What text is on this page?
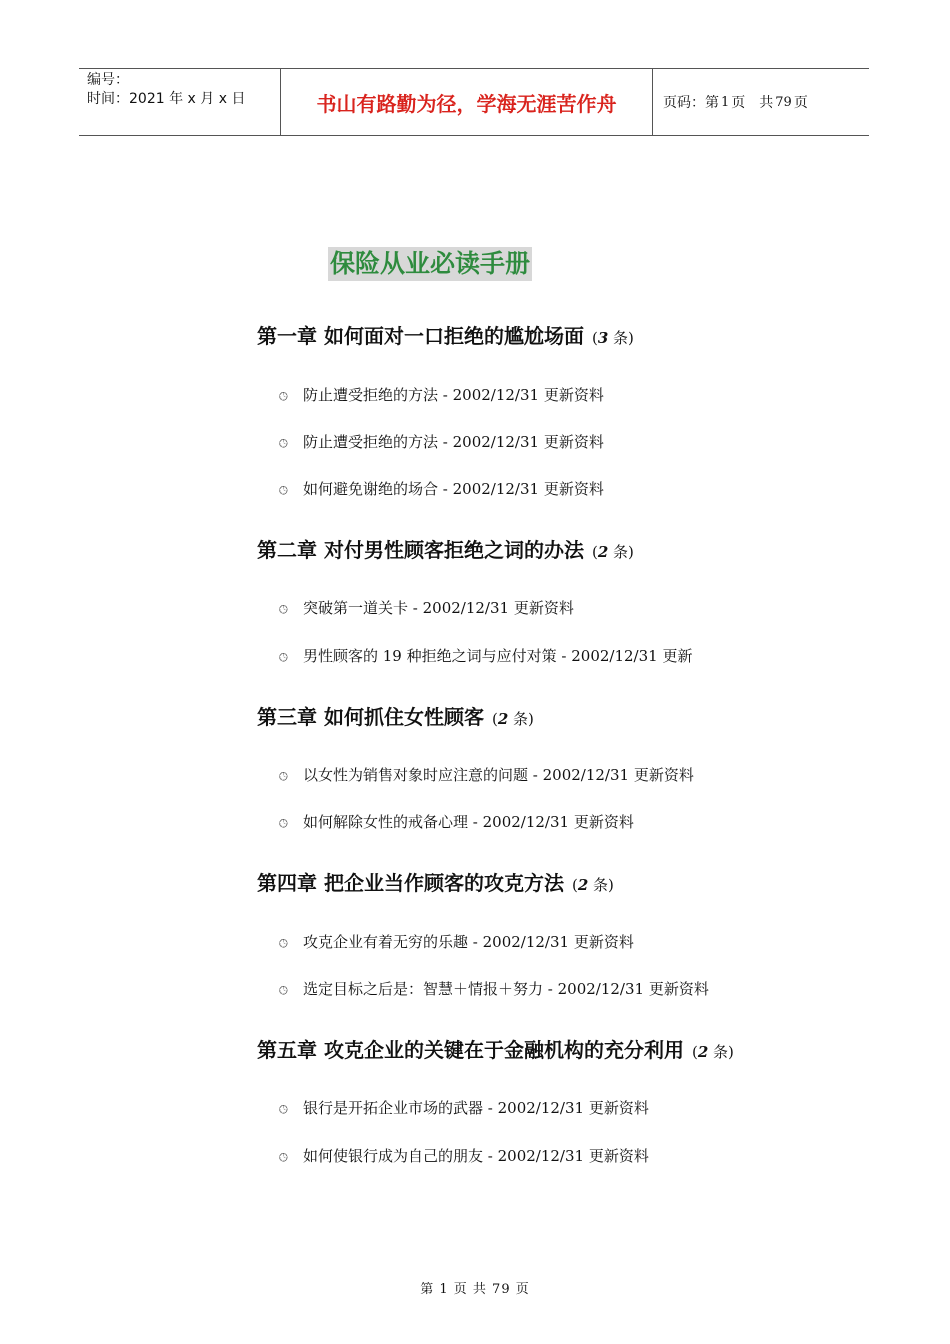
编号：
时间：2021 年 x 月 x 日	书山有路勤为径，学海无涯苦作舟	页码：第 1 页　共 79 页
保险从业必读手册
第一章 如何面对一口拒绝的尴尬场面 (3 条)
🕒︎ 防止遭受拒绝的方法 - 2002/12/31 更新资料
🕒︎ 防止遭受拒绝的方法 - 2002/12/31 更新资料
🕒︎ 如何避免谢绝的场合 - 2002/12/31 更新资料
第二章 对付男性顾客拒绝之词的办法 (2 条)
🕒︎ 突破第一道关卡 - 2002/12/31 更新资料
🕒︎ 男性顾客的 19 种拒绝之词与应付对策 - 2002/12/31 更新
第三章 如何抓住女性顾客 (2 条)
🕒︎ 以女性为销售对象时应注意的问题 - 2002/12/31 更新资料
🕒︎ 如何解除女性的戒备心理 - 2002/12/31 更新资料
第四章 把企业当作顾客的攻克方法 (2 条)
🕒︎ 攻克企业有着无穷的乐趣 - 2002/12/31 更新资料
🕒︎ 选定目标之后是：智慧＋情报＋努力 - 2002/12/31 更新资料
第五章 攻克企业的关键在于金融机构的充分利用 (2 条)
🕒︎ 银行是开拓企业市场的武器 - 2002/12/31 更新资料
🕒︎ 如何使银行成为自己的朋友 - 2002/12/31 更新资料
第 1 页 共 79 页
